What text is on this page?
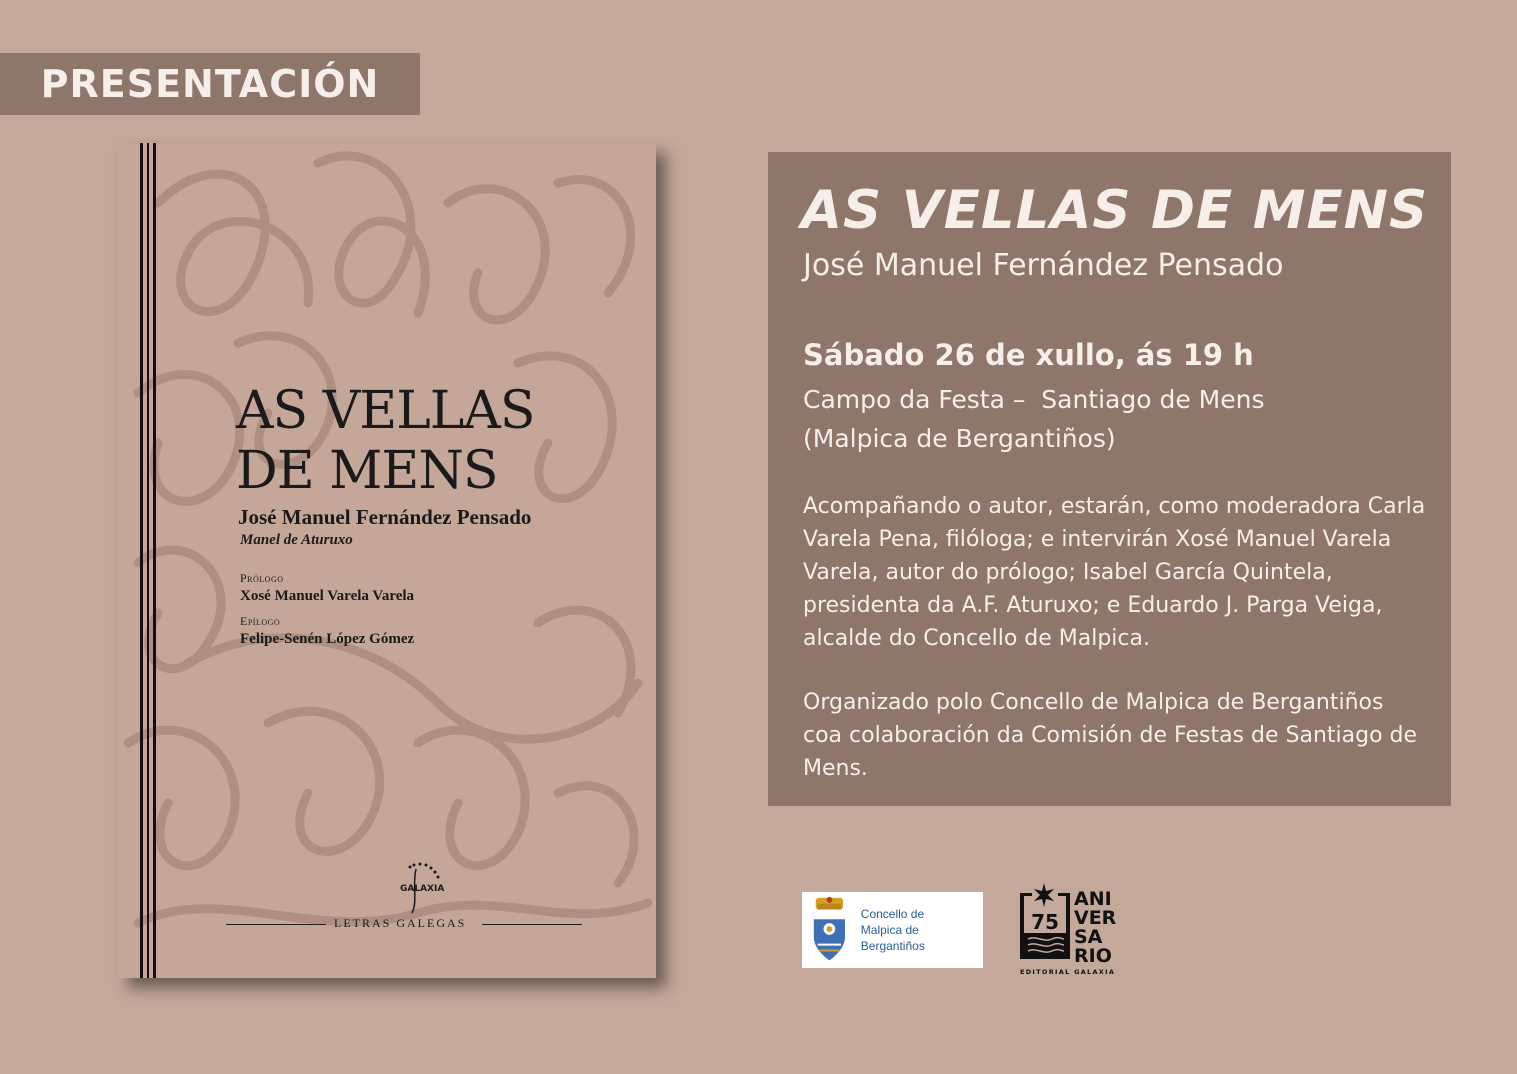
PRESENTACIÓN
AS VELLAS
DE MENS
José Manuel Fernández Pensado
Manel de Aturuxo
Prólogo
Xosé Manuel Varela Varela
Epílogo
Felipe-Senén López Gómez
GALAXIA
LETRAS GALEGAS
AS VELLAS DE MENS
José Manuel Fernández Pensado
Sábado 26 de xullo, ás 19 h
Campo da Festa –  Santiago de Mens
(Malpica de Bergantiños)

Acompañando o autor, estarán, como moderadora Carla Varela Pena, filóloga; e intervirán Xosé Manuel Varela Varela, autor do prólogo; Isabel García Quintela, presidenta da A.F. Aturuxo; e Eduardo J. Parga Veiga, alcalde do Concello de Malpica.

Organizado polo Concello de Malpica de Bergantiños coa colaboración da Comisión de Festas de Santiago de Mens.

Concello de
Malpica de Bergantiños
75
ANI
VER
SA
RIO
EDITORIAL GALAXIA
